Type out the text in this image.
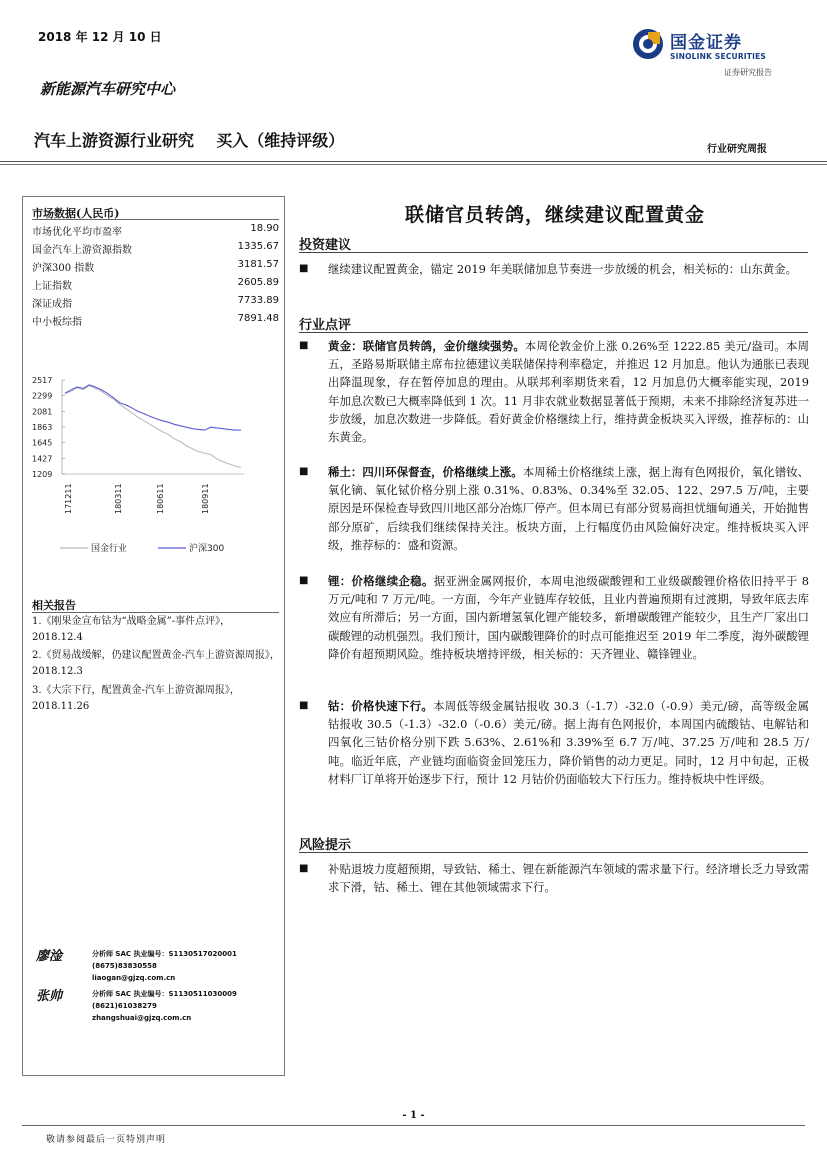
2018 年 12 月 10 日	国金证券
SINOLINK SECURITIES
证券研究报告
新能源汽车研究中心
汽车上游资源行业研究    买入（维持评级）	行业研究周报
市场数据(人民币)
市场优化平均市盈率	18.90
国金汽车上游资源指数	1335.67
沪深300 指数	3181.57
上证指数	2605.89
深证成指	7733.89
中小板综指	7891.48
2517
2299
2081
1863
1645
1427
1209
171211	180311	180611	180911
国金行业	沪深300
相关报告
1.《刚果金宣布钴为“战略金属”-事件点评》，2018.12.4
2.《贸易战缓解，仍建议配置黄金-汽车上游资源周报》，2018.12.3
3.《大宗下行，配置黄金-汽车上游资源周报》，2018.11.26
廖淦	分析师 SAC 执业编号：S1130517020001
(8675)83830558
liaogan@gjzq.com.cn
张帅	分析师 SAC 执业编号：S1130511030009
(8621)61038279
zhangshuai@gjzq.com.cn
联储官员转鸽，继续建议配置黄金
投资建议
■ 继续建议配置黄金，锚定 2019 年美联储加息节奏进一步放缓的机会，相关标的：山东黄金。
行业点评
■ 黄金：联储官员转鸽，金价继续强势。本周伦敦金价上涨 0.26%至 1222.85 美元/盎司。本周五，圣路易斯联储主席布拉德建议美联储保持利率稳定，并推迟 12 月加息。他认为通胀已表现出降温现象，存在暂停加息的理由。从联邦利率期货来看，12 月加息仍大概率能实现，2019 年加息次数已大概率降低到 1 次。11 月非农就业数据显著低于预期，未来不排除经济复苏进一步放缓，加息次数进一步降低。看好黄金价格继续上行，维持黄金板块买入评级，推荐标的：山东黄金。
■ 稀土：四川环保督查，价格继续上涨。本周稀土价格继续上涨，据上海有色网报价，氧化镨钕、氧化镝、氧化铽价格分别上涨 0.31%、0.83%、0.34%至 32.05、122、297.5 万/吨，主要原因是环保检查导致四川地区部分冶炼厂停产。但本周已有部分贸易商担忧缅甸通关，开始抛售部分原矿，后续我们继续保持关注。板块方面，上行幅度仍由风险偏好决定。维持板块买入评级，推荐标的：盛和资源。
■ 锂：价格继续企稳。据亚洲金属网报价，本周电池级碳酸锂和工业级碳酸锂价格依旧持平于 8 万元/吨和 7 万元/吨。一方面，今年产业链库存较低，且业内普遍预期有过渡期，导致年底去库效应有所滞后；另一方面，国内新增氢氧化锂产能较多，新增碳酸锂产能较少，且生产厂家出口碳酸锂的动机强烈。我们预计，国内碳酸锂降价的时点可能推迟至 2019 年二季度，海外碳酸锂降价有超预期风险。维持板块增持评级，相关标的：天齐锂业、赣锋锂业。
■ 钴：价格快速下行。本周低等级金属钴报收 30.3（-1.7）-32.0（-0.9）美元/磅，高等级金属钴报收 30.5（-1.3）-32.0（-0.6）美元/磅。据上海有色网报价，本周国内硫酸钴、电解钴和四氧化三钴价格分别下跌 5.63%、2.61%和 3.39%至 6.7 万/吨、37.25 万/吨和 28.5 万/吨。临近年底，产业链均面临资金回笼压力，降价销售的动力更足。同时，12 月中旬起，正极材料厂订单将开始逐步下行，预计 12 月钴价仍面临较大下行压力。维持板块中性评级。
风险提示
■ 补贴退坡力度超预期，导致钴、稀土、锂在新能源汽车领域的需求量下行。经济增长乏力导致需求下滑，钴、稀土、锂在其他领域需求下行。
- 1 -
敬请参阅最后一页特别声明
